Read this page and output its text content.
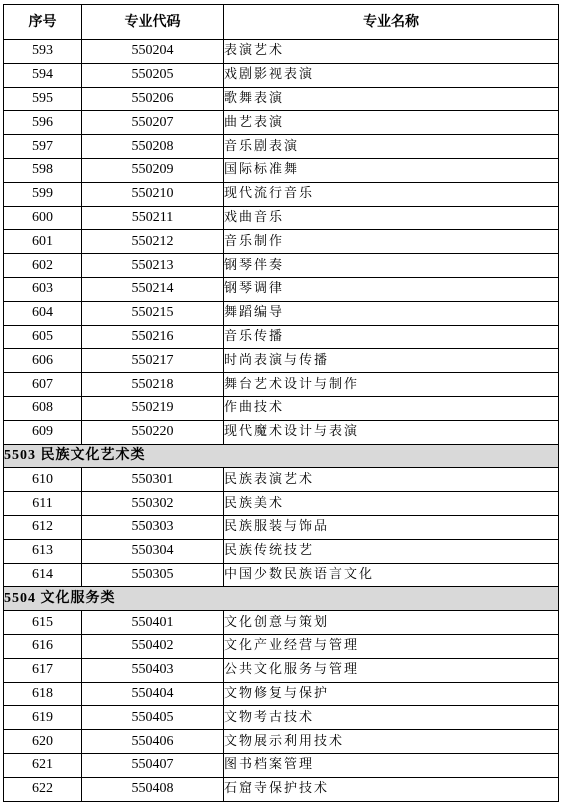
序号	专业代码	专业名称
593	550204	表演艺术
594	550205	戏剧影视表演
595	550206	歌舞表演
596	550207	曲艺表演
597	550208	音乐剧表演
598	550209	国际标准舞
599	550210	现代流行音乐
600	550211	戏曲音乐
601	550212	音乐制作
602	550213	钢琴伴奏
603	550214	钢琴调律
604	550215	舞蹈编导
605	550216	音乐传播
606	550217	时尚表演与传播
607	550218	舞台艺术设计与制作
608	550219	作曲技术
609	550220	现代魔术设计与表演
5503 民族文化艺术类		
610	550301	民族表演艺术
611	550302	民族美术
612	550303	民族服装与饰品
613	550304	民族传统技艺
614	550305	中国少数民族语言文化
5504 文化服务类		
615	550401	文化创意与策划
616	550402	文化产业经营与管理
617	550403	公共文化服务与管理
618	550404	文物修复与保护
619	550405	文物考古技术
620	550406	文物展示利用技术
621	550407	图书档案管理
622	550408	石窟寺保护技术
